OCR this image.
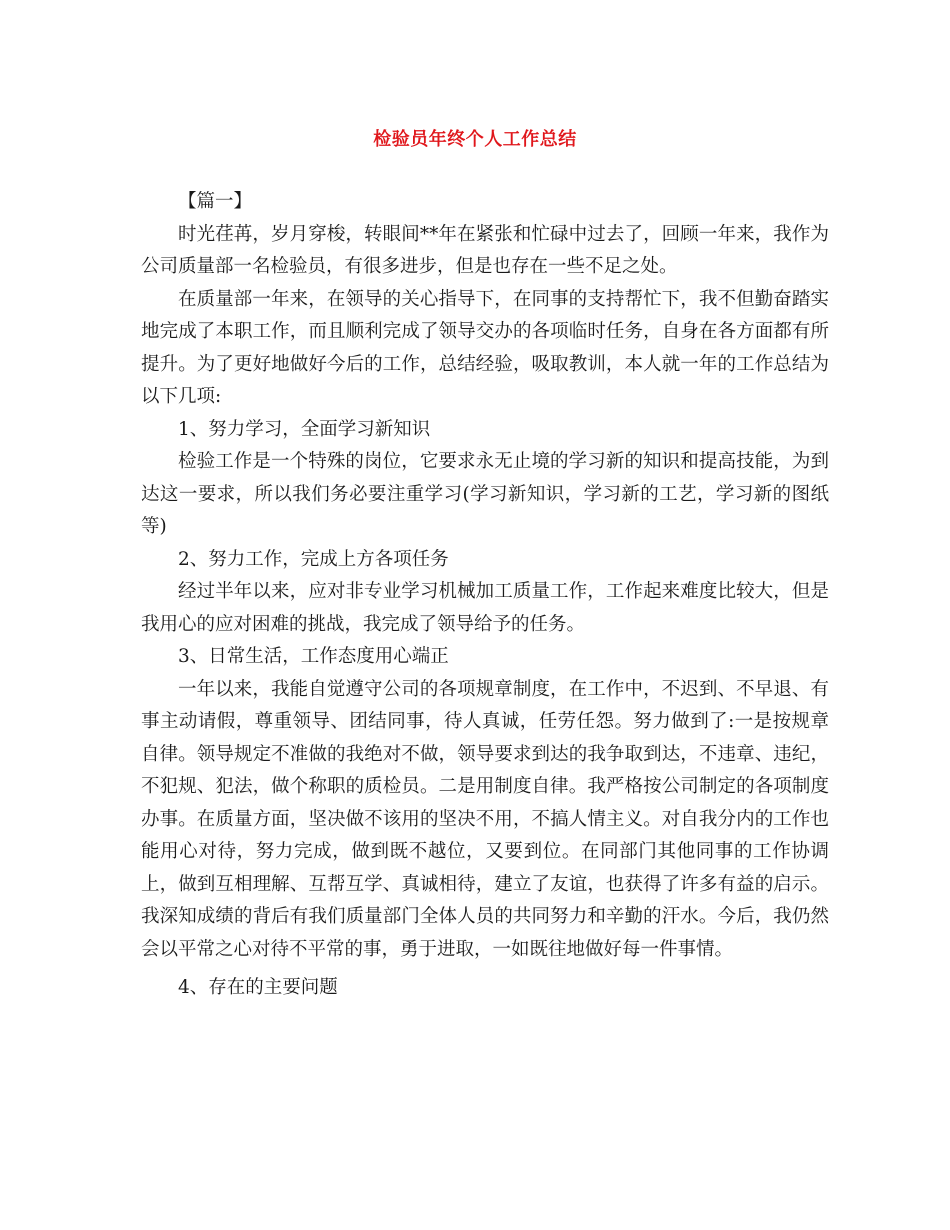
检验员年终个人工作总结

【篇一】

时光荏苒，岁月穿梭，转眼间**年在紧张和忙碌中过去了，回顾一年来，我作为公司质量部一名检验员，有很多进步，但是也存在一些不足之处。

在质量部一年来，在领导的关心指导下，在同事的支持帮忙下，我不但勤奋踏实地完成了本职工作，而且顺利完成了领导交办的各项临时任务，自身在各方面都有所提升。为了更好地做好今后的工作，总结经验，吸取教训，本人就一年的工作总结为以下几项:

1、努力学习，全面学习新知识

检验工作是一个特殊的岗位，它要求永无止境的学习新的知识和提高技能，为到达这一要求，所以我们务必要注重学习(学习新知识，学习新的工艺，学习新的图纸等)

2、努力工作，完成上方各项任务

经过半年以来，应对非专业学习机械加工质量工作，工作起来难度比较大，但是我用心的应对困难的挑战，我完成了领导给予的任务。

3、日常生活，工作态度用心端正

一年以来，我能自觉遵守公司的各项规章制度，在工作中，不迟到、不早退、有事主动请假，尊重领导、团结同事，待人真诚，任劳任怨。努力做到了:一是按规章自律。领导规定不准做的我绝对不做，领导要求到达的我争取到达，不违章、违纪，不犯规、犯法，做个称职的质检员。二是用制度自律。我严格按公司制定的各项制度办事。在质量方面，坚决做不该用的坚决不用，不搞人情主义。对自我分内的工作也能用心对待，努力完成，做到既不越位，又要到位。在同部门其他同事的工作协调上，做到互相理解、互帮互学、真诚相待，建立了友谊，也获得了许多有益的启示。我深知成绩的背后有我们质量部门全体人员的共同努力和辛勤的汗水。今后，我仍然会以平常之心对待不平常的事，勇于进取，一如既往地做好每一件事情。

4、存在的主要问题
